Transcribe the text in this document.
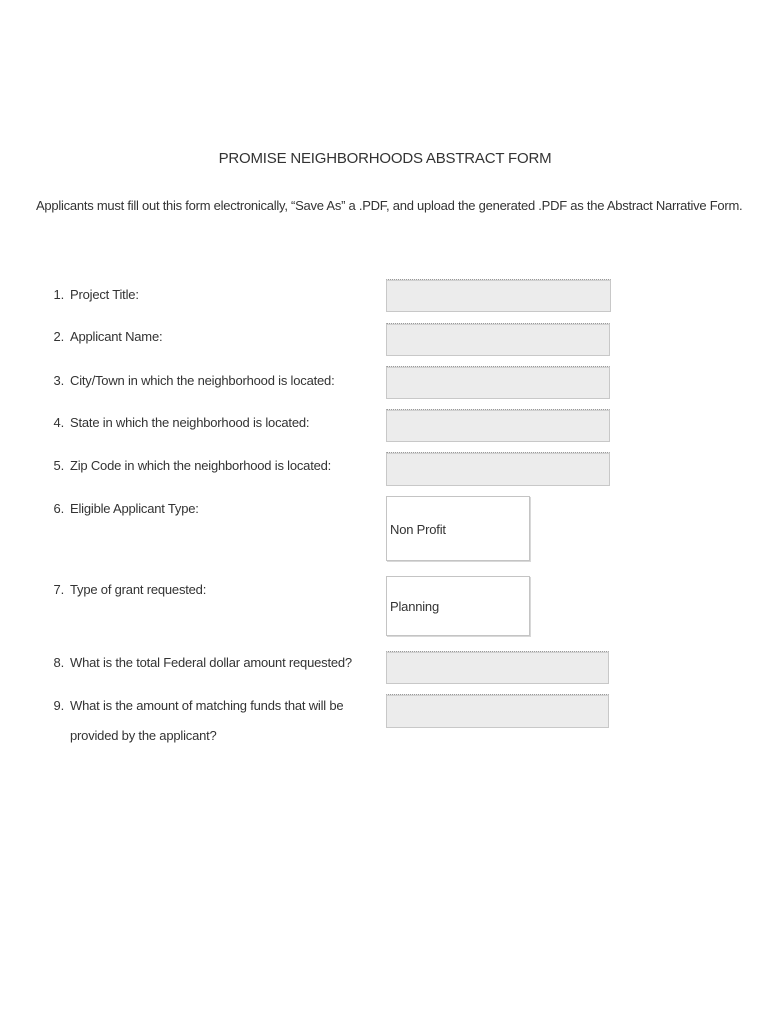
PROMISE NEIGHBORHOODS ABSTRACT FORM
Applicants must fill out this form electronically, “Save As” a .PDF, and upload the generated .PDF as the Abstract Narrative Form.
1. Project Title:
2. Applicant Name:
3. City/Town in which the neighborhood is located:
4. State in which the neighborhood is located:
5. Zip Code in which the neighborhood is located:
6. Eligible Applicant Type:
Non Profit
7. Type of grant requested:
Planning
8. What is the total Federal dollar amount requested?
9. What is the amount of matching funds that will be provided by the applicant?
